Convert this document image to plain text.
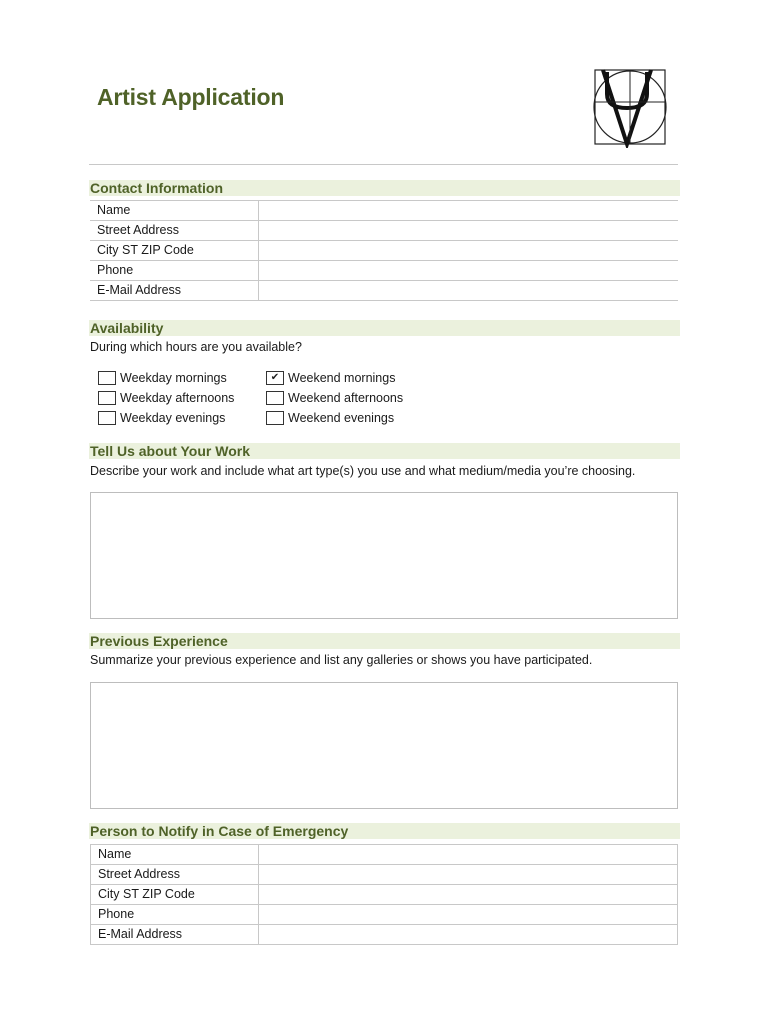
Artist Application
Contact Information
Name	
Street Address	
City ST ZIP Code	
Phone	
E-Mail Address	
Availability
During which hours are you available?
Weekday mornings
Weekday afternoons
Weekday evenings
✔ Weekend mornings
Weekend afternoons
Weekend evenings
Tell Us about Your Work
Describe your work and include what art type(s) you use and what medium/media you’re choosing.
Previous Experience
Summarize your previous experience and list any galleries or shows you have participated.
Person to Notify in Case of Emergency
Name	
Street Address	
City ST ZIP Code	
Phone	
E-Mail Address	
